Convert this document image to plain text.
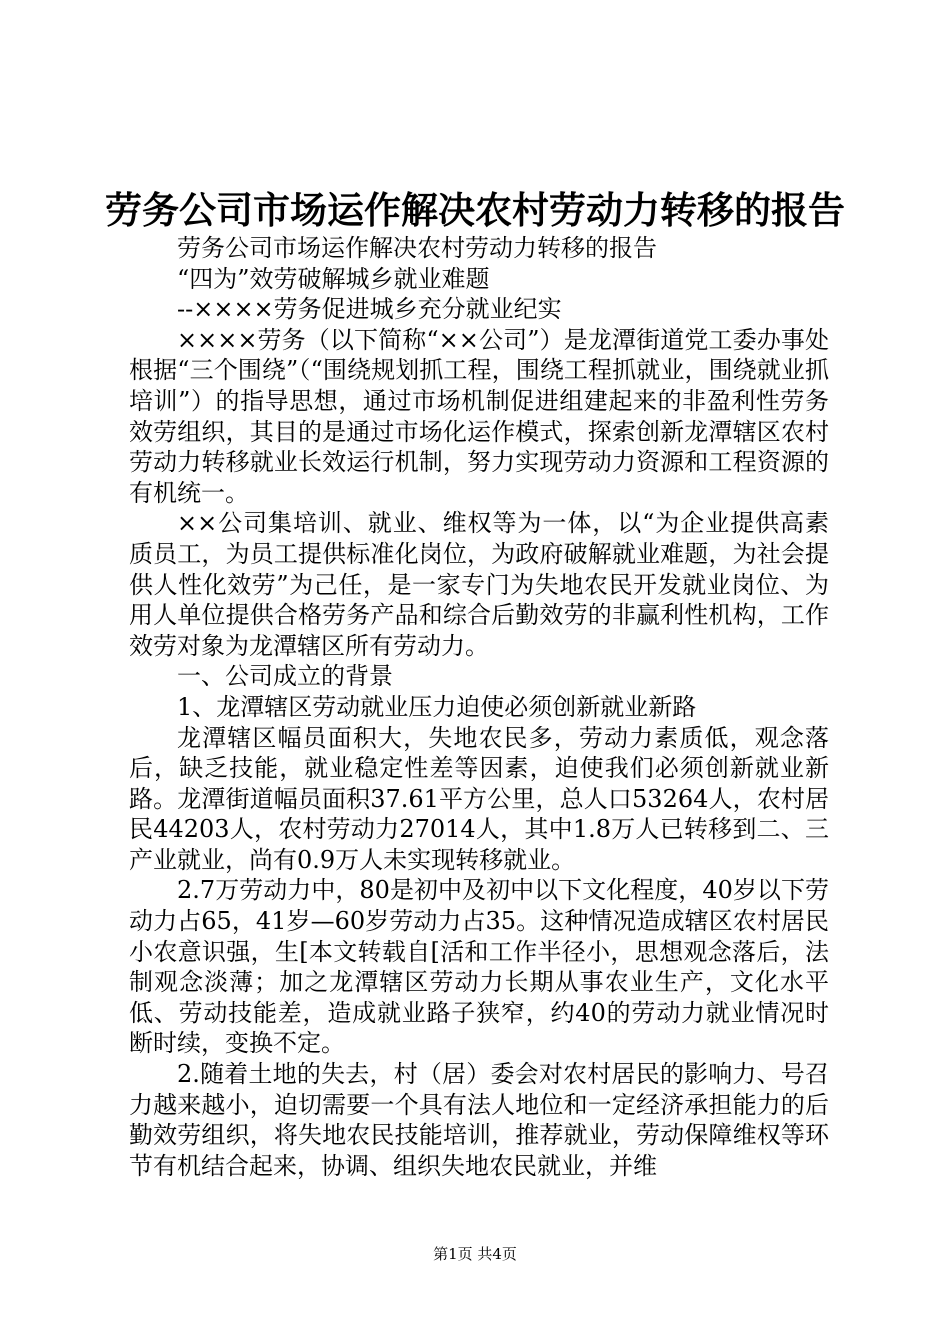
劳务公司市场运作解决农村劳动力转移的报告

劳务公司市场运作解决农村劳动力转移的报告

“四为”效劳破解城乡就业难题

--××××劳务促进城乡充分就业纪实

××××劳务（以下简称“××公司”）是龙潭街道党工委办事处根据“三个围绕”（“围绕规划抓工程，围绕工程抓就业，围绕就业抓培训”）的指导思想，通过市场机制促进组建起来的非盈利性劳务效劳组织，其目的是通过市场化运作模式，探索创新龙潭辖区农村劳动力转移就业长效运行机制，努力实现劳动力资源和工程资源的有机统一。

××公司集培训、就业、维权等为一体，以“为企业提供高素质员工，为员工提供标准化岗位，为政府破解就业难题，为社会提供人性化效劳”为己任，是一家专门为失地农民开发就业岗位、为用人单位提供合格劳务产品和综合后勤效劳的非赢利性机构，工作效劳对象为龙潭辖区所有劳动力。

一、公司成立的背景

1、龙潭辖区劳动就业压力迫使必须创新就业新路

龙潭辖区幅员面积大，失地农民多，劳动力素质低，观念落后，缺乏技能，就业稳定性差等因素，迫使我们必须创新就业新路。龙潭街道幅员面积37.61平方公里，总人口53264人，农村居民44203人，农村劳动力27014人，其中1.8万人已转移到二、三产业就业，尚有0.9万人未实现转移就业。

2.7万劳动力中，80是初中及初中以下文化程度，40岁以下劳动力占65，41岁—60岁劳动力占35。这种情况造成辖区农村居民小农意识强，生[本文转载自[活和工作半径小，思想观念落后，法制观念淡薄；加之龙潭辖区劳动力长期从事农业生产，文化水平低、劳动技能差，造成就业路子狭窄，约40的劳动力就业情况时断时续，变换不定。

2.随着土地的失去，村（居）委会对农村居民的影响力、号召力越来越小，迫切需要一个具有法人地位和一定经济承担能力的后勤效劳组织，将失地农民技能培训，推荐就业，劳动保障维权等环节有机结合起来，协调、组织失地农民就业，并维

第1页 共4页
